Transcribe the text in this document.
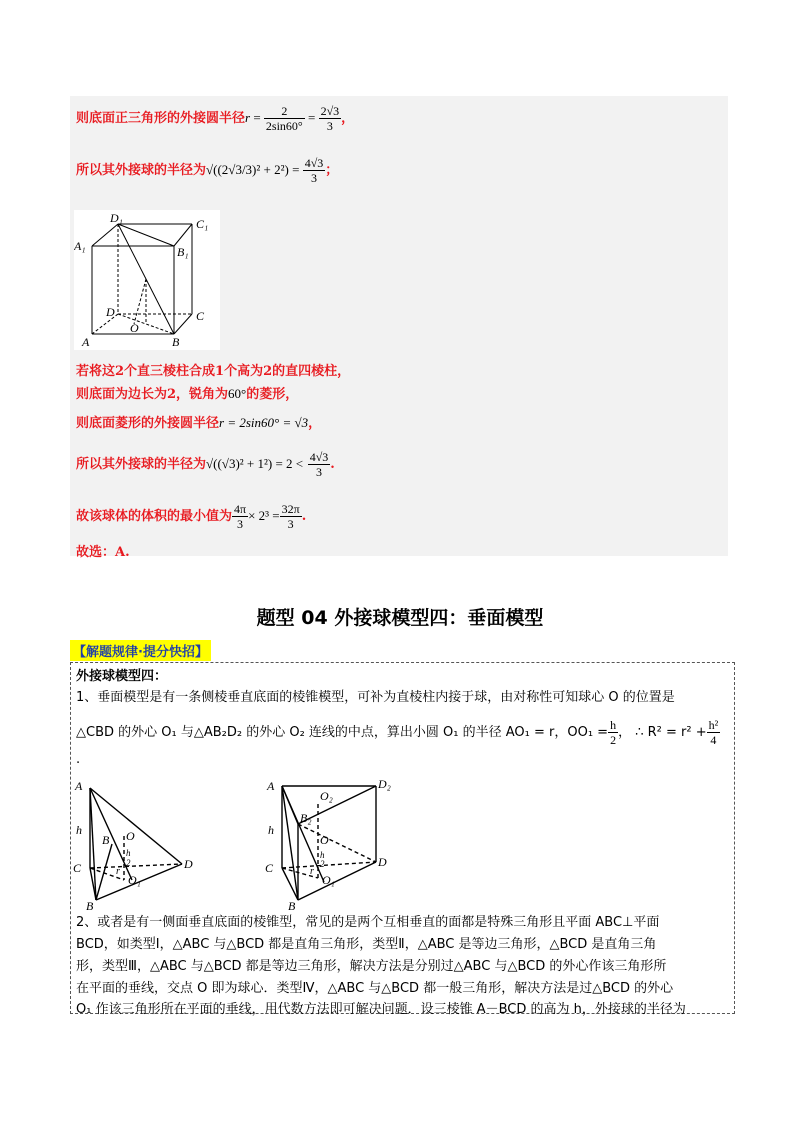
则底面正三角形的外接圆半径$r = \frac{2}{2\sin 60^\circ} = \frac{2√3}{3}$ ，
所以其外接球的半径为$√((2√3/3)^2 + 2^2) = \frac{4√3}{3}$ ；
D₁	C₁
A₁	B₁
D
O
C
A	B
若将这2个直三棱柱合成1个高为2的直四棱柱，
则底面为边长为2，锐角为60°的菱形，
则底面菱形的外接圆半径r = 2sin60° = √3，
所以其外接球的半径为$√((√3)^2 + 1^2) = 2 < \frac{4√3}{3}$ .
故该球体的体积的最小值为 $\frac{4\pi}{3} \times 2^3 = \frac{32\pi}{3}$ .
故选：A.
题型 04 外接球模型四：垂面模型
【解题规律·提分快招】
外接球模型四：
1、垂面模型是有一条侧棱垂直底面的棱锥模型，可补为直棱柱内接于球，由对称性可知球心 O 的位置是
△CBD 的外心 O₁ 与△AB₂D₂ 的外心 O₂ 连线的中点，算出小圆 O₁ 的半径 AO₁ = r，$OO_1 = \frac{h}{2}$ ， ∴ $R^2 = r^2 + \frac{\text{h²}}{4}$
.
A
h
B O
h
2
C	r
O₁
D
B
A	D₂
O₂
h
B₂
O
h
2
C	r
O₁
D
B
2、或者是有一侧面垂直底面的棱锥型，常见的是两个互相垂直的面都是特殊三角形且平面 ABC⊥平面
BCD，如类型Ⅰ，△ABC 与△BCD 都是直角三角形，类型Ⅱ，△ABC 是等边三角形，△BCD 是直角三角
形，类型Ⅲ，△ABC 与△BCD 都是等边三角形，解决方法是分别过△ABC 与△BCD 的外心作该三角形所
在平面的垂线，交点 O 即为球心．类型Ⅳ，△ABC 与△BCD 都一般三角形，解决方法是过△BCD 的外心
O₁ 作该三角形所在平面的垂线，用代数方法即可解决问题．设三棱锥 A－BCD 的高为 h，外接球的半径为
